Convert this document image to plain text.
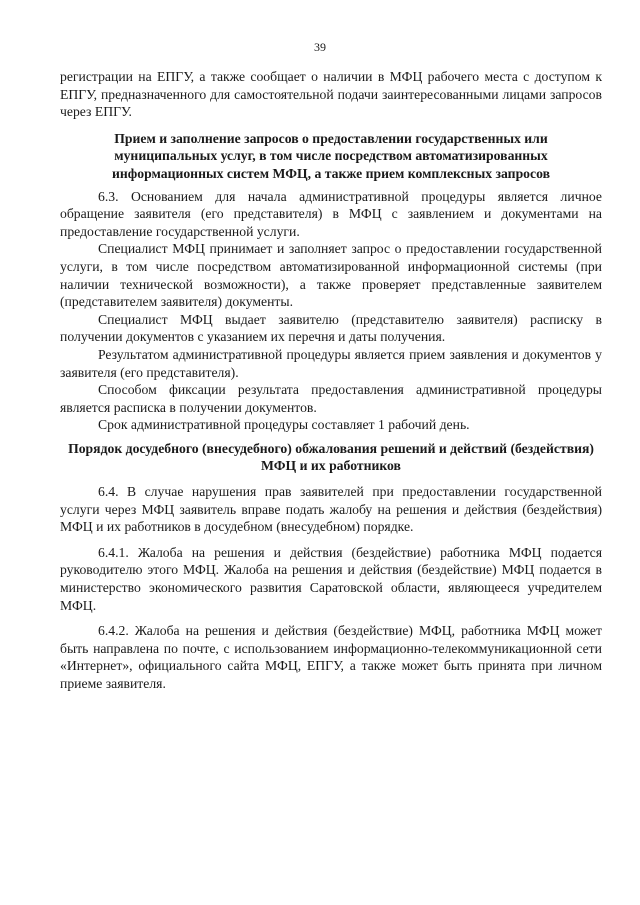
39

регистрации на ЕПГУ, а также сообщает о наличии в МФЦ рабочего места с доступом к ЕПГУ, предназначенного для самостоятельной подачи заинтересованными лицами запросов через ЕПГУ.

Прием и заполнение запросов о предоставлении государственных или муниципальных услуг, в том числе посредством автоматизированных информационных систем МФЦ, а также прием комплексных запросов

6.3. Основанием для начала административной процедуры является личное обращение заявителя (его представителя) в МФЦ с заявлением и документами на предоставление государственной услуги.

Специалист МФЦ принимает и заполняет запрос о предоставлении государственной услуги, в том числе посредством автоматизированной информационной системы (при наличии технической возможности), а также проверяет представленные заявителем (представителем заявителя) документы.

Специалист МФЦ выдает заявителю (представителю заявителя) расписку в получении документов с указанием их перечня и даты получения.

Результатом административной процедуры является прием заявления и документов у заявителя (его представителя).

Способом фиксации результата предоставления административной процедуры является расписка в получении документов.

Срок административной процедуры составляет 1 рабочий день.

Порядок досудебного (внесудебного) обжалования решений и действий (бездействия) МФЦ и их работников

6.4. В случае нарушения прав заявителей при предоставлении государственной услуги через МФЦ заявитель вправе подать жалобу на решения и действия (бездействия) МФЦ и их работников в досудебном (внесудебном) порядке.

6.4.1. Жалоба на решения и действия (бездействие) работника МФЦ подается руководителю этого МФЦ. Жалоба на решения и действия (бездействие) МФЦ подается в министерство экономического развития Саратовской области, являющееся учредителем МФЦ.

6.4.2. Жалоба на решения и действия (бездействие) МФЦ, работника МФЦ может быть направлена по почте, с использованием информационно-телекоммуникационной сети «Интернет», официального сайта МФЦ, ЕПГУ, а также может быть принята при личном приеме заявителя.
